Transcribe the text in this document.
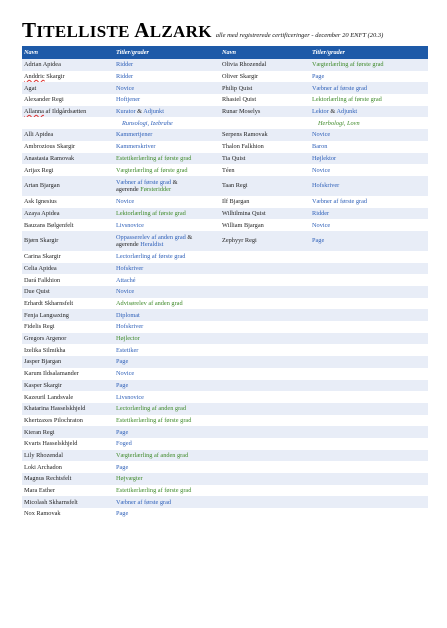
TITELLISTE ALZARK alle med registrerede certificeringer - december 20 ENFT (20.3)
Navn	Titler/grader	Navn	Titler/grader
Adrian Apidea	Ridder	Olivia Rhozendal	Vægterlærling af første grad
Anddric Skargir	Ridder	Oliver Skargir	Page
Agat	Novice	Philip Quist	Væbner af første grad
Alexander Regi	Hoftjener	Rhasiel Quist	Lektorlærling af første grad
Allanna af Ildgårdsætten	Kurator & Adjunkt	Runar Moselys	Lektor & Adjunkt
	Runsologi, Izebrahe		Herbologi, Lovn
Alli Apidea	Kammertjener	Serpens Ramovak	Novice
Ambrozious Skargir	Kammerskriver	Thalon Falkhion	Baron
Anastasia Ramovak	Estetikerlærling af første grad	Tia Quist	Højlektor
Arijax Regi	Vægterlærling af første grad	Téen	Novice
Artan Bjargan	Væbner af første grad &
agerende Førsteridder	Taan Regi	Hofskriver
Ask Ignesius	Novice	Ilf Bjargan	Væbner af første grad
Azaya Apidea	Lektorlærling af første grad	Wilhilmina Quist	Ridder
Bauzans Bølgenfelt	Livsnovice	William Bjargan	Novice
Bjørn Skargir	Oppasserelev af anden grad &
agerende Heraldist	Zephyyr Regi	Page
Carina Skargir	Lectorlærling af første grad		
Celia Apidea	Hofskriver		
Dará Falkhion	Attaché		
Due Quist	Novice		
Erhardt Skharnsfelt	Advisørelev af anden grad		
Fenja Langsaxing	Diplomat		
Fidelis Regi	Hofskriver		
Gregors Argenor	Højlector		
Izelika Silmikha	Estetiker		
Jasper Bjargan	Page		
Karum Ildsalamander	Novice		
Kasper Skargir	Page		
Kazeuril Landsvale	Livsnovice		
Khatarina Hasselskhjeld	Lectorlærling af anden grad		
Khertzaxes Pilochraton	Estetikerlærling af første grad		
Kieran Regi	Page		
Kvarts Hasselskhjeld	Foged		
Lily Rhozendal	Vægterlærling af anden grad		
Loki Archadon	Page		
Magnus Rechtsfelt	Højvægter		
Mara Esther	Estetikerlærling af første grad		
Micolash Skharnsfelt	Væbner af første grad		
Nox Ramovak	Page		
